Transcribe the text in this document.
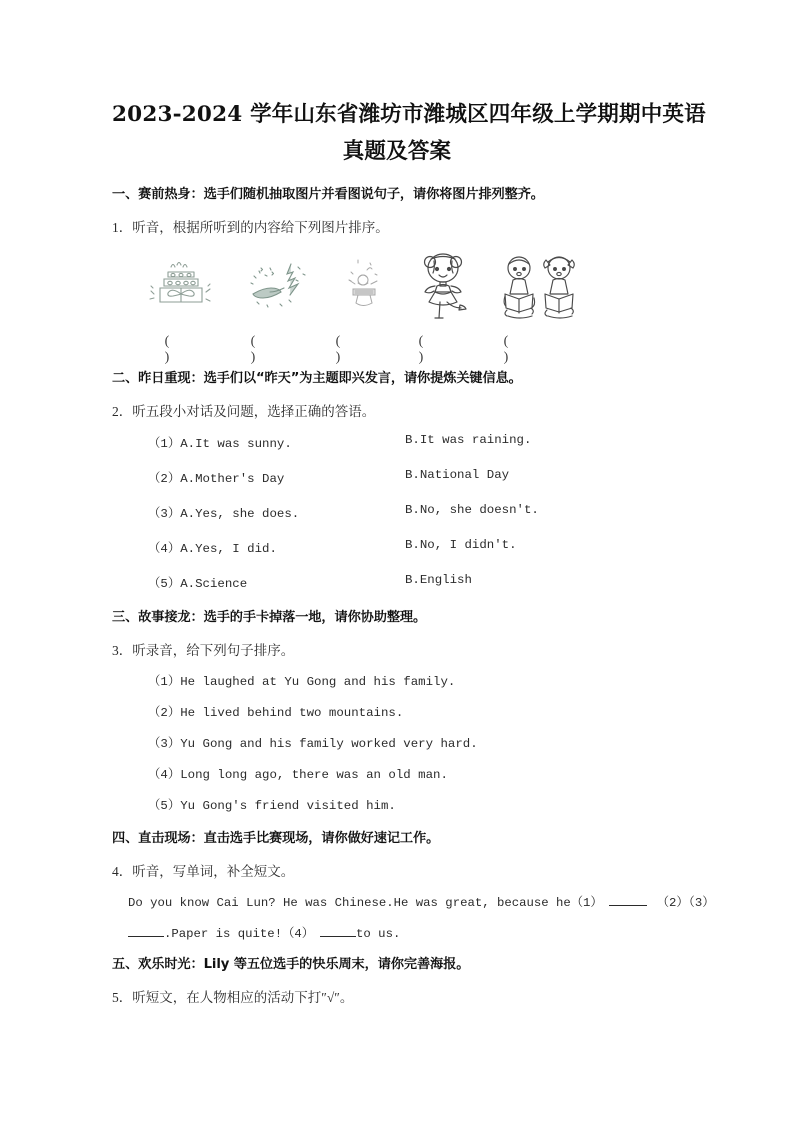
2023-2024 学年山东省潍坊市潍城区四年级上学期期中英语
真题及答案
一、赛前热身：选手们随机抽取图片并看图说句子，请你将图片排列整齐。
1．听音，根据所听到的内容给下列图片排序。
( )
( )
( )
( )
( )
二、昨日重现：选手们以“昨天”为主题即兴发言，请你提炼关键信息。
2．听五段小对话及问题，选择正确的答语。
（1）A.It was sunny.	B.It was raining.
（2）A.Mother's Day	B.National Day
（3）A.Yes, she does.	B.No, she doesn't.
（4）A.Yes, I did.	B.No, I didn't.
（5）A.Science	B.English
三、故事接龙：选手的手卡掉落一地，请你协助整理。
3．听录音，给下列句子排序。
（1）He laughed at Yu Gong and his family.
（2）He lived behind two mountains.
（3）Yu Gong and his family worked very hard.
（4）Long long ago, there was an old man.
（5）Yu Gong's friend visited him.
四、直击现场：直击选手比赛现场，请你做好速记工作。
4．听音，写单词，补全短文。
Do you know Cai Lun? He was Chinese.He was great, because he（1）	（2）（3）
.Paper is quite!（4）	to us.
五、欢乐时光：Lily 等五位选手的快乐周末，请你完善海报。
5．听短文，在人物相应的活动下打″√″。
